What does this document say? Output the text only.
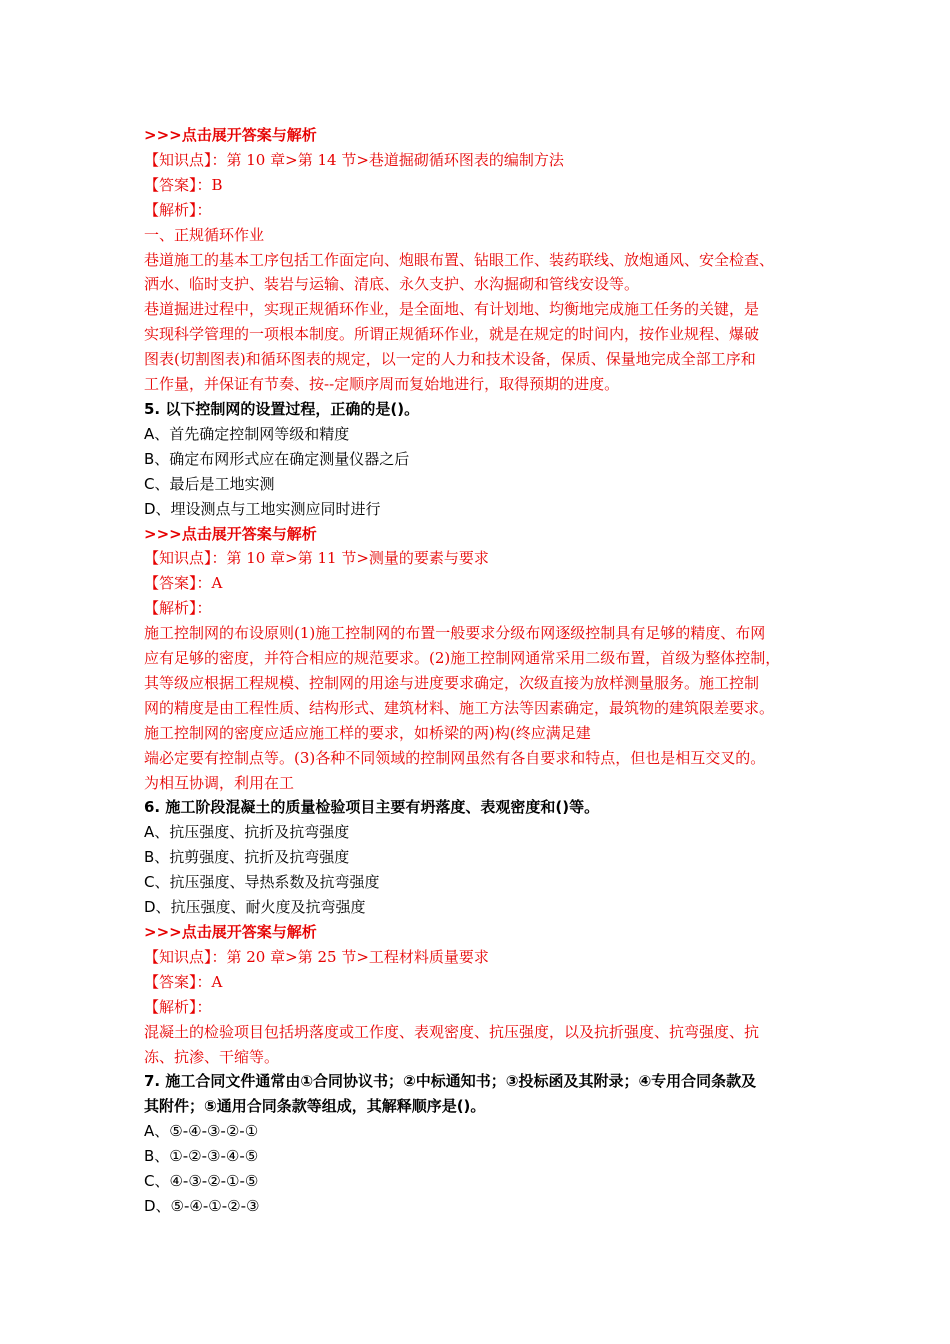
>>>点击展开答案与解析
【知识点】：第 10 章>第 14 节>巷道掘砌循环图表的编制方法
【答案】：B
【解析】：
一、正规循环作业
巷道施工的基本工序包括工作面定向、炮眼布置、钻眼工作、装药联线、放炮通风、安全检查、
洒水、临时支护、装岩与运输、清底、永久支护、水沟掘砌和管线安设等。
巷道掘进过程中，实现正规循环作业，是全面地、有计划地、均衡地完成施工任务的关键，是
实现科学管理的一项根本制度。所谓正规循环作业，就是在规定的时间内，按作业规程、爆破
图表(切割图表)和循环图表的规定，以一定的人力和技术设备，保质、保量地完成全部工序和
工作量，并保证有节奏、按--定顺序周而复始地进行，取得预期的进度。
5. 以下控制网的设置过程，正确的是()。
A、首先确定控制网等级和精度
B、确定布网形式应在确定测量仪器之后
C、最后是工地实测
D、埋设测点与工地实测应同时进行
>>>点击展开答案与解析
【知识点】：第 10 章>第 11 节>测量的要素与要求
【答案】：A
【解析】：
施工控制网的布设原则(1)施工控制网的布置一般要求分级布网逐级控制具有足够的精度、布网
应有足够的密度，并符合相应的规范要求。(2)施工控制网通常采用二级布置，首级为整体控制，
其等级应根据工程规模、控制网的用途与进度要求确定，次级直接为放样测量服务。施工控制
网的精度是由工程性质、结构形式、建筑材料、施工方法等因素确定，最筑物的建筑限差要求。
施工控制网的密度应适应施工样的要求，如桥梁的两)构(终应满足建
端必定要有控制点等。(3)各种不同领域的控制网虽然有各自要求和特点，但也是相互交叉的。
为相互协调，利用在工
6. 施工阶段混凝土的质量检验项目主要有坍落度、表观密度和()等。
A、抗压强度、抗折及抗弯强度
B、抗剪强度、抗折及抗弯强度
C、抗压强度、导热系数及抗弯强度
D、抗压强度、耐火度及抗弯强度
>>>点击展开答案与解析
【知识点】：第 20 章>第 25 节>工程材料质量要求
【答案】：A
【解析】：
混凝土的检验项目包括坍落度或工作度、表观密度、抗压强度，以及抗折强度、抗弯强度、抗
冻、抗渗、干缩等。
7. 施工合同文件通常由①合同协议书；②中标通知书；③投标函及其附录；④专用合同条款及
其附件；⑤通用合同条款等组成，其解释顺序是()。
A、⑤-④-③-②-①
B、①-②-③-④-⑤
C、④-③-②-①-⑤
D、⑤-④-①-②-③
